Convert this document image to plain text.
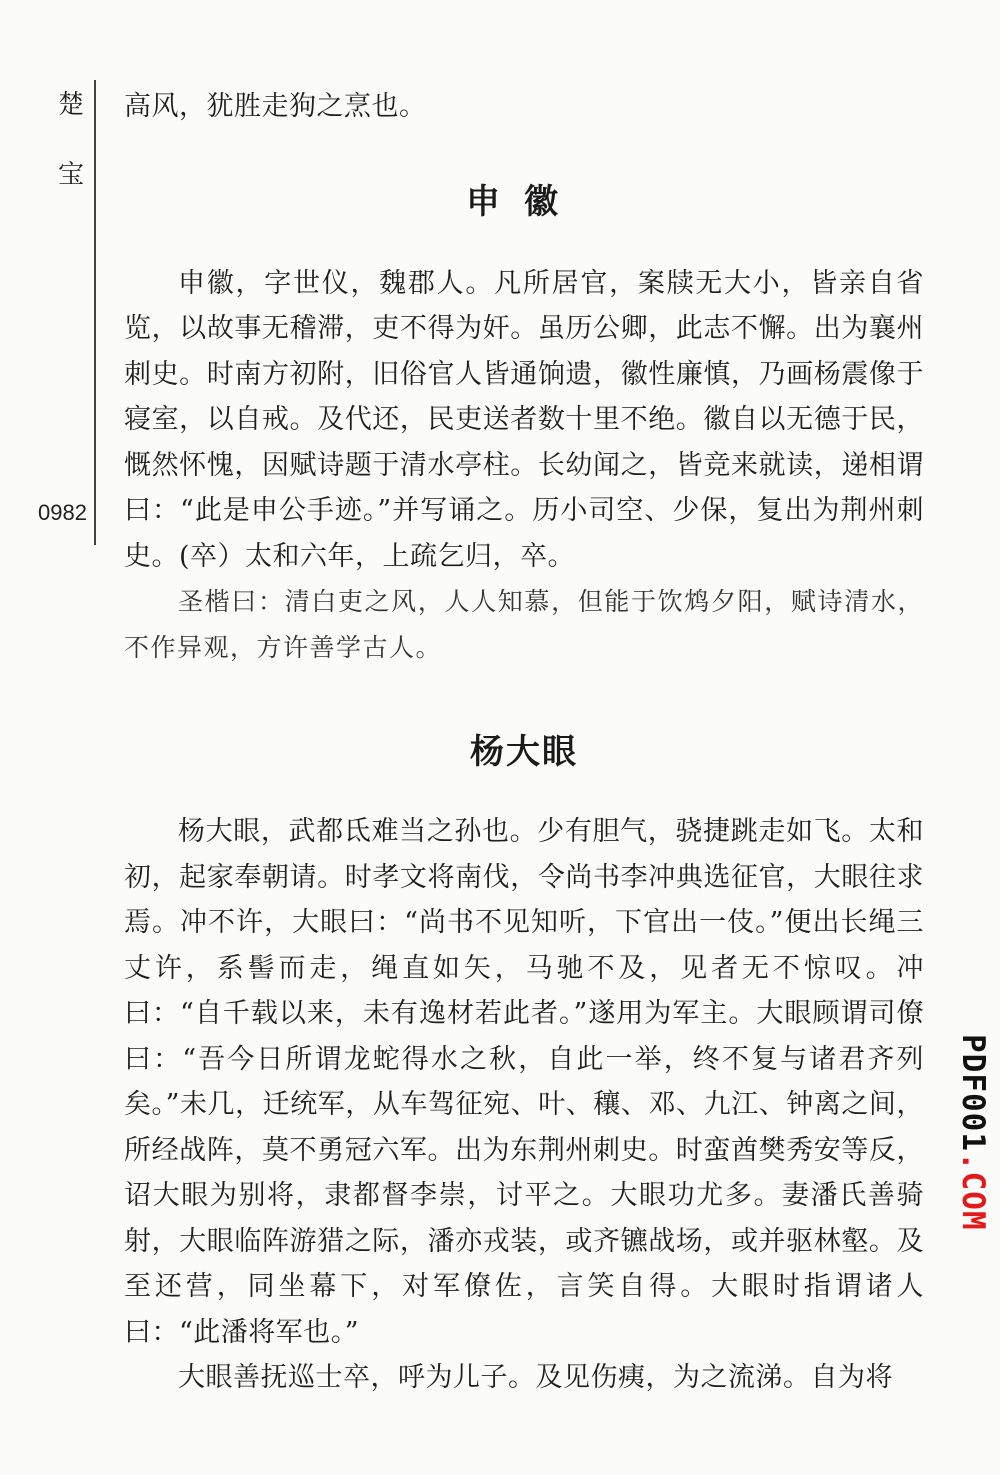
楚
宝
0982

高风，犹胜走狗之烹也。

申徽

申徽，字世仪，魏郡人。凡所居官，案牍无大小，皆亲自省览，以故事无稽滞，吏不得为奸。虽历公卿，此志不懈。出为襄州刺史。时南方初附，旧俗官人皆通饷遗，徽性廉慎，乃画杨震像于寝室，以自戒。及代还，民吏送者数十里不绝。徽自以无德于民，慨然怀愧，因赋诗题于清水亭柱。长幼闻之，皆竞来就读，递相谓曰：“此是申公手迹。”并写诵之。历小司空、少保，复出为荆州刺史。(卒）太和六年，上疏乞归，卒。

圣楷曰：清白吏之风，人人知慕，但能于饮鸩夕阳，赋诗清水，不作异观，方许善学古人。

杨大眼

杨大眼，武都氐难当之孙也。少有胆气，骁捷跳走如飞。太和初，起家奉朝请。时孝文将南伐，令尚书李冲典选征官，大眼往求焉。冲不许，大眼曰：“尚书不见知听，下官出一伎。”便出长绳三丈许，系髻而走，绳直如矢，马驰不及，见者无不惊叹。冲曰：“自千载以来，未有逸材若此者。”遂用为军主。大眼顾谓司僚曰：“吾今日所谓龙蛇得水之秋，自此一举，终不复与诸君齐列矣。”未几，迁统军，从车驾征宛、叶、穰、邓、九江、钟离之间，所经战阵，莫不勇冠六军。出为东荆州刺史。时蛮酋樊秀安等反，诏大眼为别将，隶都督李崇，讨平之。大眼功尤多。妻潘氏善骑射，大眼临阵游猎之际，潘亦戎装，或齐镳战场，或并驱林壑。及至还营，同坐幕下，对军僚佐，言笑自得。大眼时指谓诸人曰：“此潘将军也。”

大眼善抚巡士卒，呼为儿子。及见伤痍，为之流涕。自为将

PDF001.COM
